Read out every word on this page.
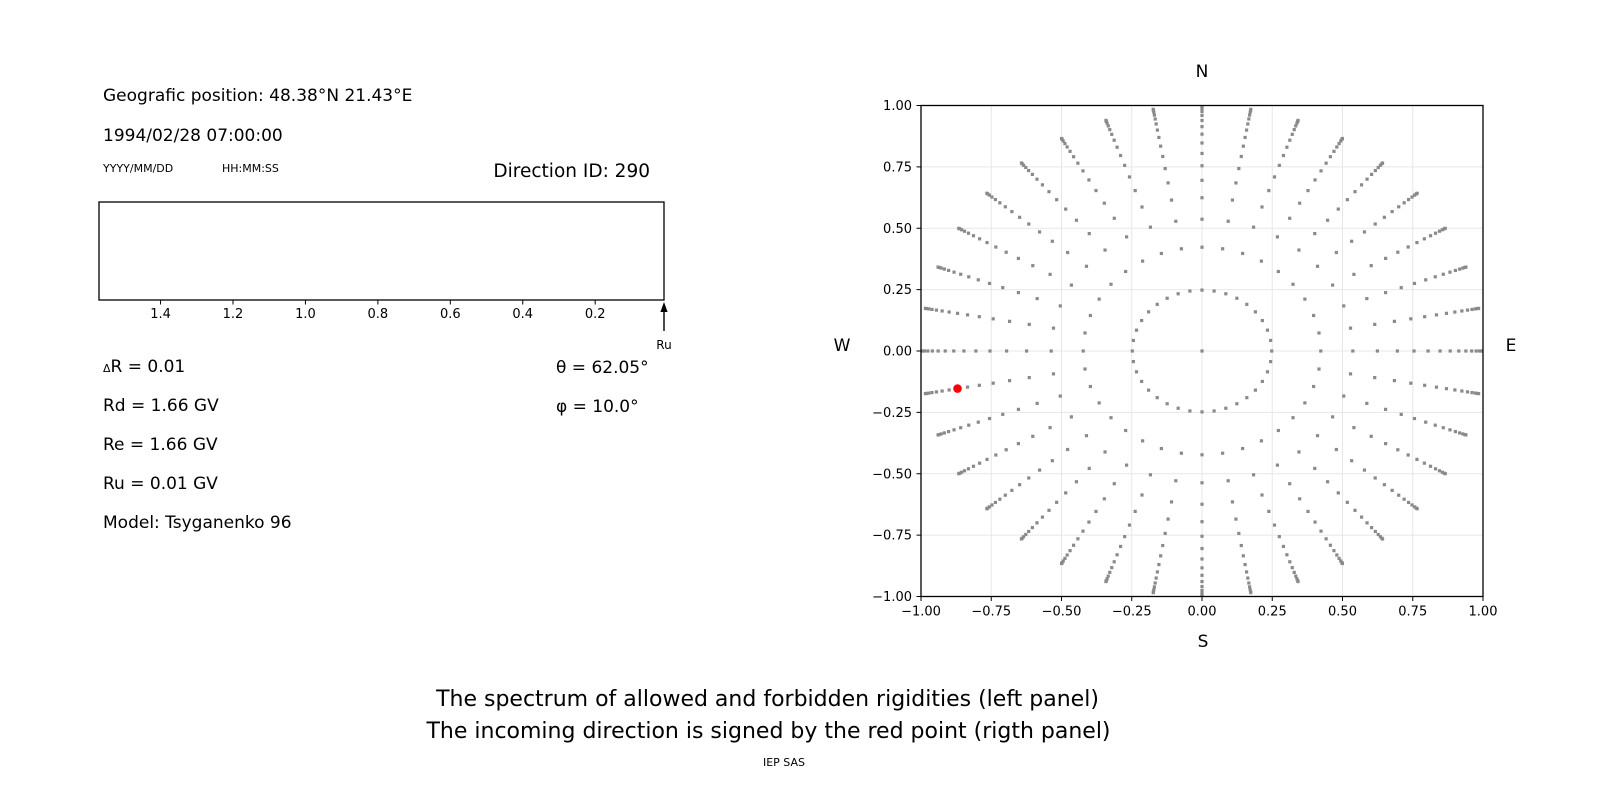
1.4	1.2	1.0	0.8	0.6	0.4	0.2
Ru
−1.00
−1.00
−0.75
−0.75
−0.50
−0.50
−0.25
−0.25
0.00
0.00
0.25
0.25
0.50
0.50
0.75
0.75
1.00
1.00
Geografic position: 48.38°N 21.43°E
1994/02/28 07:00:00
YYYY/MM/DD	HH:MM:SS	Direction ID: 290
ΔR = 0.01
Rd = 1.66 GV
Re = 1.66 GV
Ru = 0.01 GV
Model: Tsyganenko 96
θ = 62.05°
φ = 10.0°
N
S
W	E
The spectrum of allowed and forbidden rigidities (left panel)
The incoming direction is signed by the red point (rigth panel)
IEP SAS
